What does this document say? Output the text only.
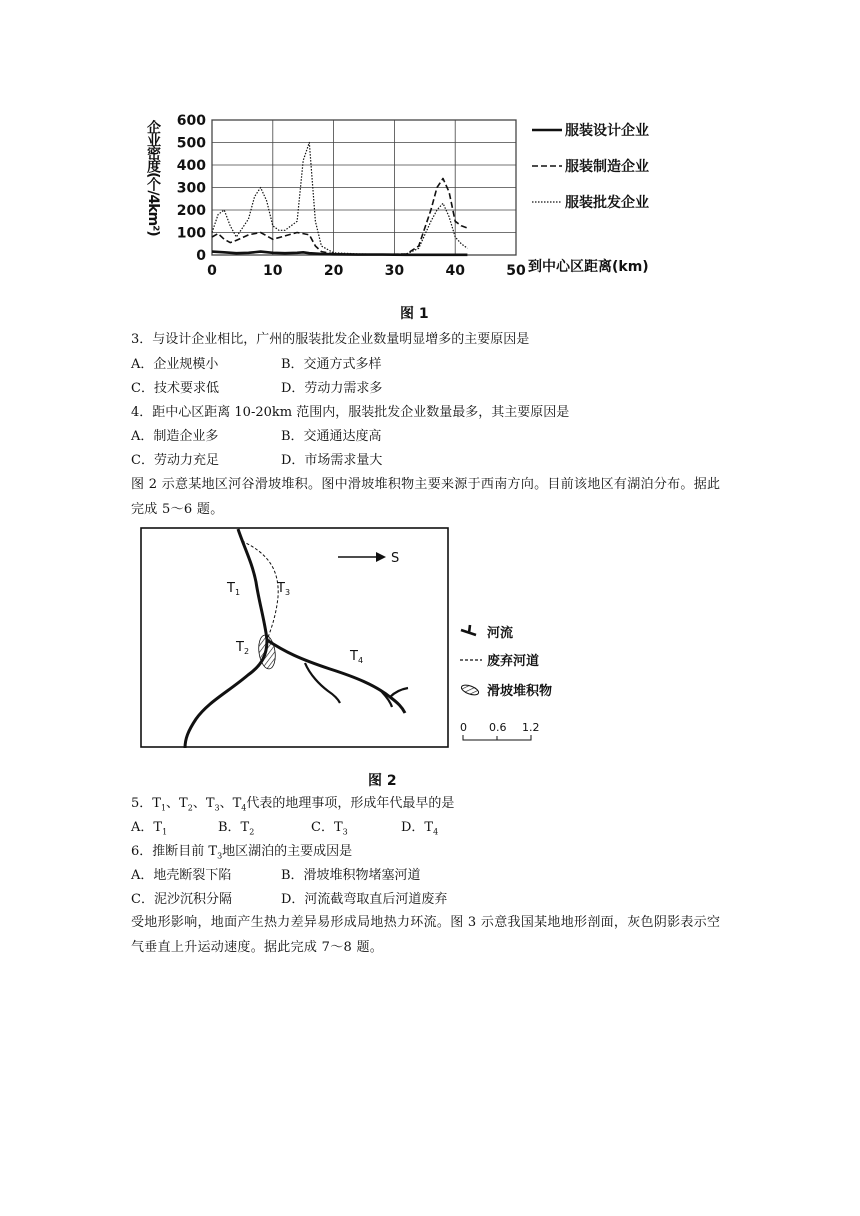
0	10	20	30	40	50
0
100
200
300
400
500
600
企业密度(个/4km²)
到中心区距离(km)
服装设计企业
服装制造企业
服装批发企业
图 1
3．与设计企业相比，广州的服装批发企业数量明显增多的主要原因是
A．企业规模小	B．交通方式多样
C．技术要求低	D．劳动力需求多
4．距中心区距离 10-20km 范围内，服装批发企业数量最多，其主要原因是
A．制造企业多	B．交通通达度高
C．劳动力充足	D．市场需求量大
图 2 示意某地区河谷滑坡堆积。图中滑坡堆积物主要来源于西南方向。目前该地区有湖泊分布。据此完成 5～6 题。
S
$T_1$	$T_3$
$T_2$	$T_4$
河流
废弃河道
滑坡堆积物
0 0.6 1.2
图 2
5．$T_1$、$T_2$、$T_3$、$T_4$代表的地理事项，形成年代最早的是
A．$T_1$	B．$T_2$	C．$T_3$	D．$T_4$
6．推断目前 $T_3$地区湖泊的主要成因是
A．地壳断裂下陷	B．滑坡堆积物堵塞河道
C．泥沙沉积分隔	D．河流截弯取直后河道废弃
受地形影响，地面产生热力差异易形成局地热力环流。图 3 示意我国某地地形剖面，灰色阴影表示空气垂直上升运动速度。据此完成 7～8 题。
